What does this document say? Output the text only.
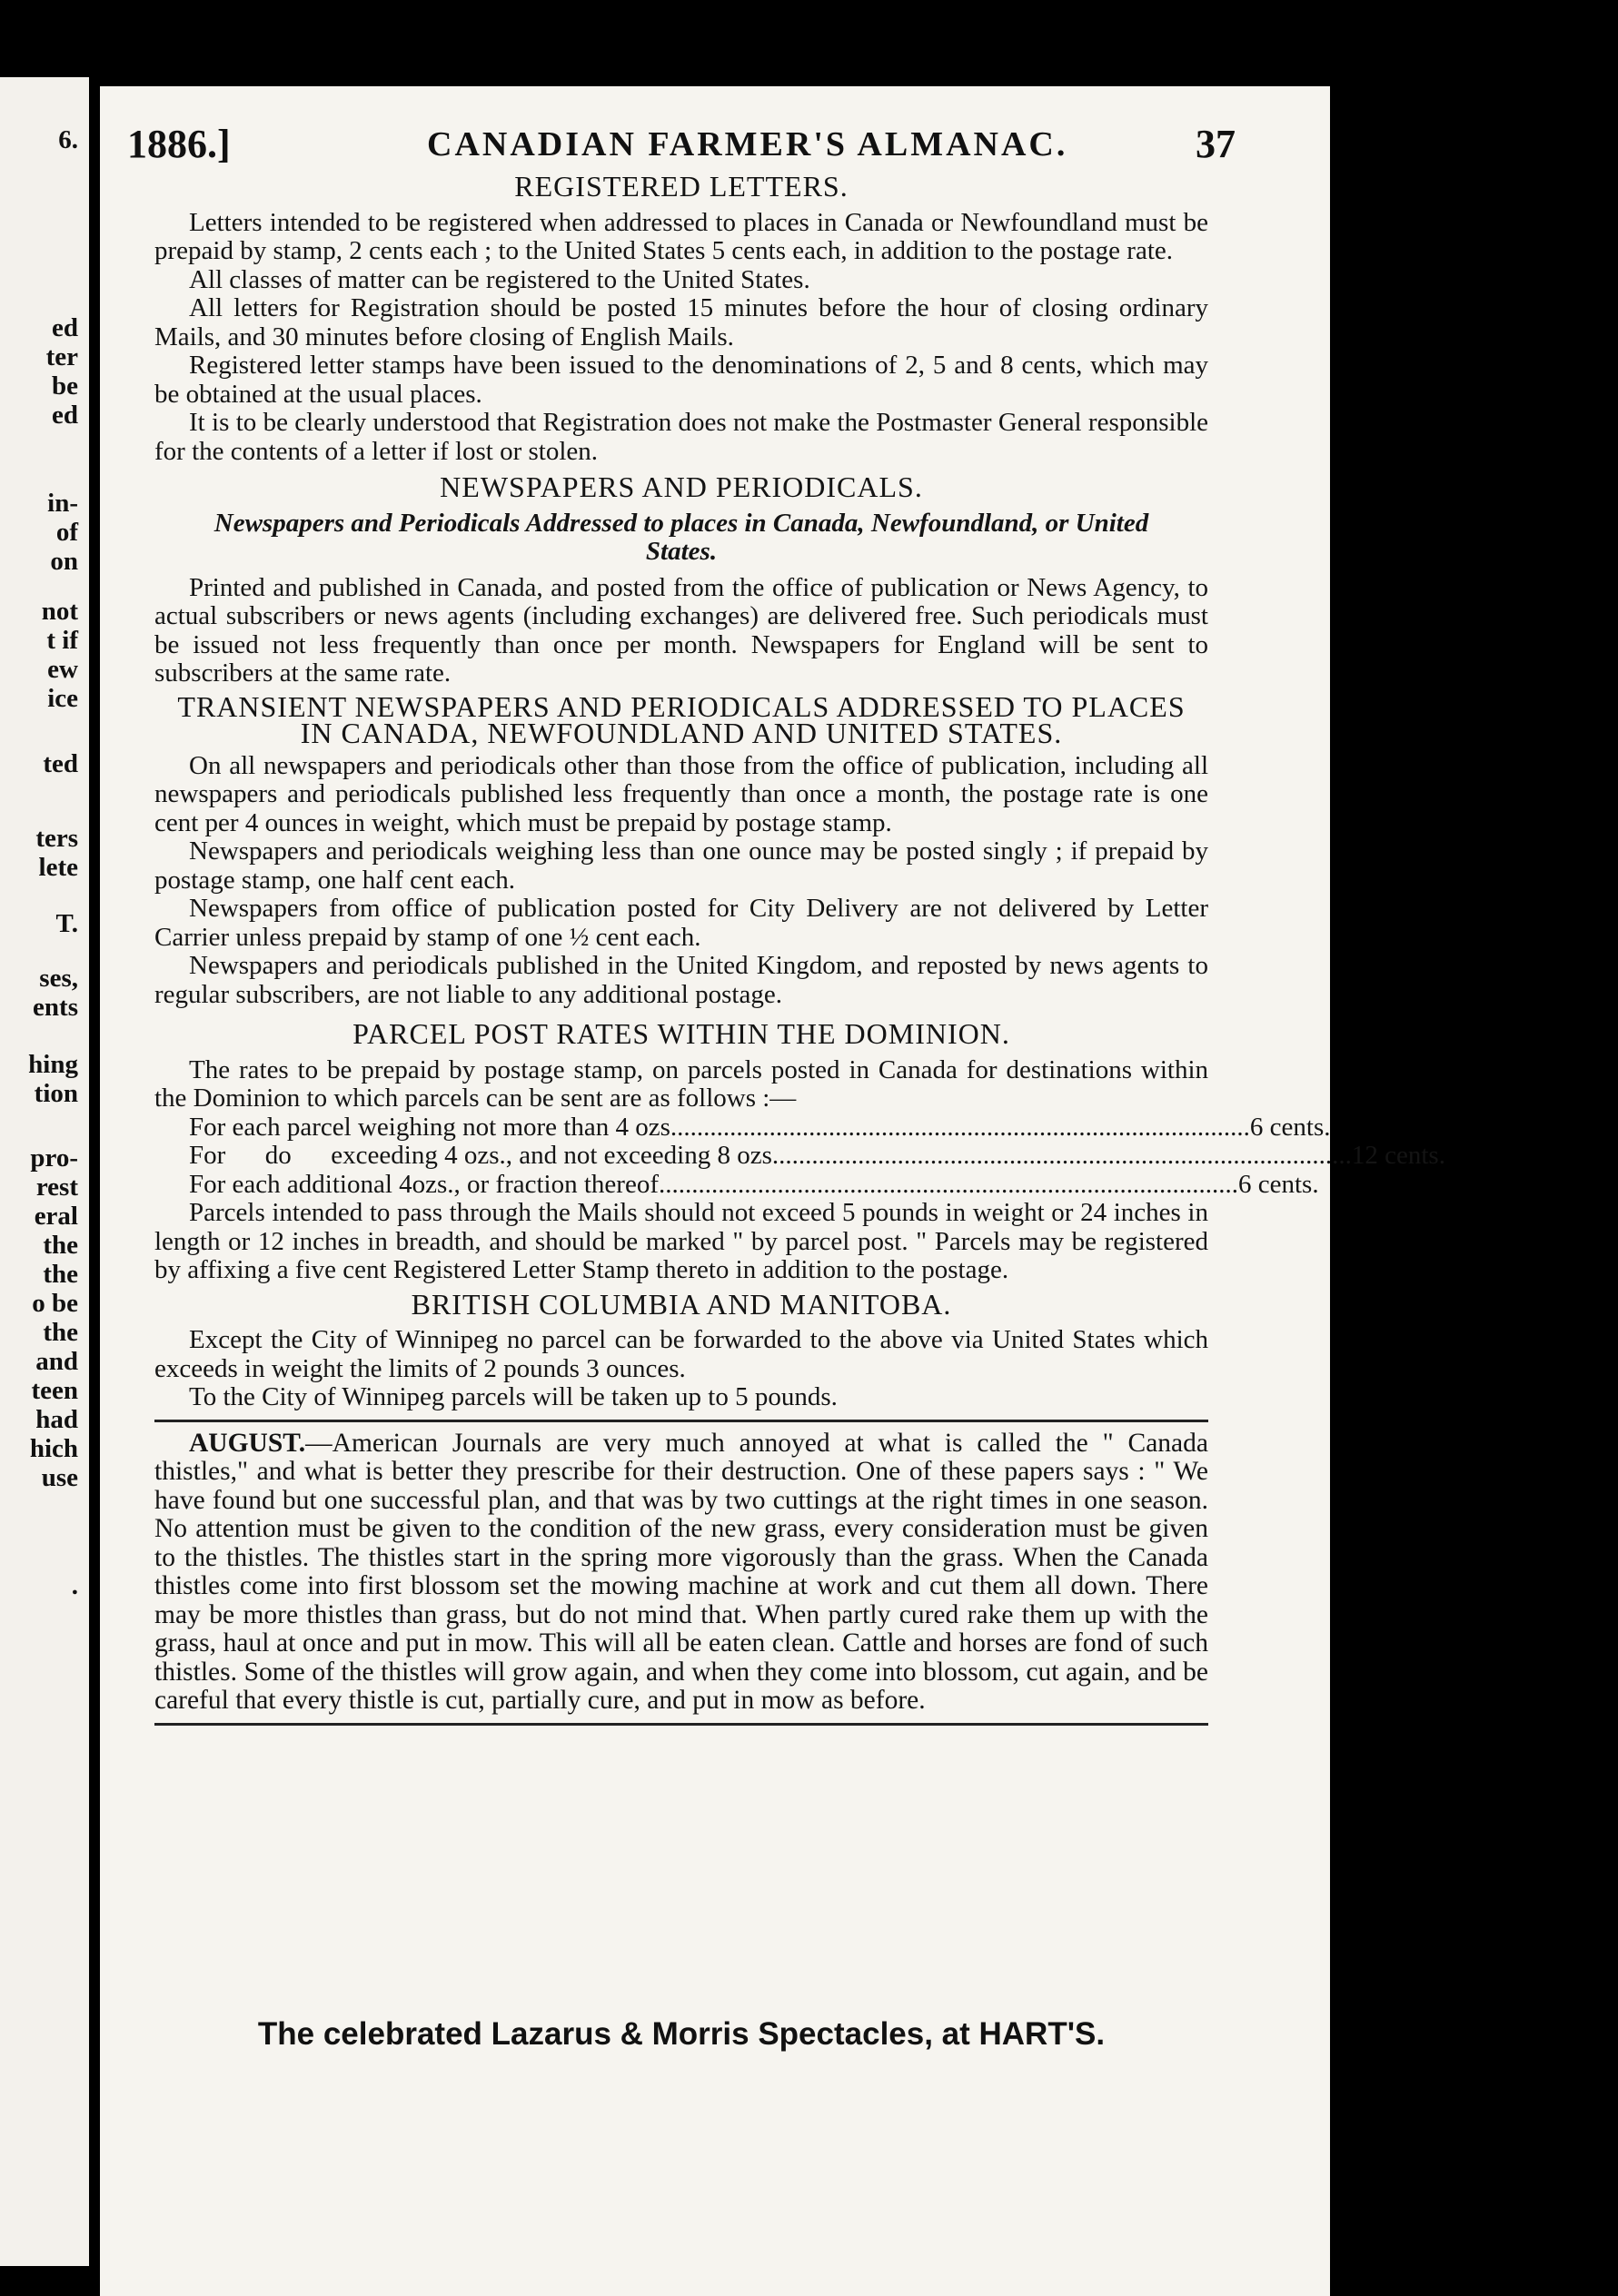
6.
ed
ter
be
ed
in-
of
on
not
t if
ew
ice
ted
ters
lete
T.
ses,
ents
hing
tion
pro-
rest
eral
the
the
o be
the
and
teen
had
hich
use
.
1886.]	CANADIAN FARMER'S ALMANAC.	37
REGISTERED LETTERS.

Letters intended to be registered when addressed to places in Canada or Newfoundland must be prepaid by stamp, 2 cents each ; to the United States 5 cents each, in addition to the postage rate.

All classes of matter can be registered to the United States.

All letters for Registration should be posted 15 minutes before the hour of closing ordinary Mails, and 30 minutes before closing of English Mails.

Registered letter stamps have been issued to the denominations of 2, 5 and 8 cents, which may be obtained at the usual places.

It is to be clearly understood that Registration does not make the Postmaster General responsible for the contents of a letter if lost or stolen.

NEWSPAPERS AND PERIODICALS.
Newspapers and Periodicals Addressed to places in Canada, Newfoundland, or United States.

Printed and published in Canada, and posted from the office of publication or News Agency, to actual subscribers or news agents (including exchanges) are delivered free. Such periodicals must be issued not less frequently than once per month. Newspapers for England will be sent to subscribers at the same rate.

TRANSIENT NEWSPAPERS AND PERIODICALS ADDRESSED TO PLACES
IN CANADA, NEWFOUNDLAND AND UNITED STATES.

On all newspapers and periodicals other than those from the office of publication, including all newspapers and periodicals published less frequently than once a month, the postage rate is one cent per 4 ounces in weight, which must be prepaid by postage stamp.

Newspapers and periodicals weighing less than one ounce may be posted singly ; if prepaid by postage stamp, one half cent each.

Newspapers from office of publication posted for City Delivery are not delivered by Letter Carrier unless prepaid by stamp of one ½ cent each.

Newspapers and periodicals published in the United Kingdom, and reposted by news agents to regular subscribers, are not liable to any additional postage.

PARCEL POST RATES WITHIN THE DOMINION.

The rates to be prepaid by postage stamp, on parcels posted in Canada for destinations within the Dominion to which parcels can be sent are as follows :—

For each parcel weighing not more than 4 ozs ........................................................................................ 6 cents.
For      do      exceeding 4 ozs., and not exceeding 8 ozs ........................................................................................ 12 cents.
For each additional 4ozs., or fraction thereof ........................................................................................ 6 cents.

Parcels intended to pass through the Mails should not exceed 5 pounds in weight or 24 inches in length or 12 inches in breadth, and should be marked " by parcel post. " Parcels may be registered by affixing a five cent Registered Letter Stamp thereto in addition to the postage.

BRITISH COLUMBIA AND MANITOBA.

Except the City of Winnipeg no parcel can be forwarded to the above via United States which exceeds in weight the limits of 2 pounds 3 ounces.

To the City of Winnipeg parcels will be taken up to 5 pounds.

AUGUST.—American Journals are very much annoyed at what is called the " Canada thistles," and what is better they prescribe for their destruction. One of these papers says : " We have found but one successful plan, and that was by two cuttings at the right times in one season. No attention must be given to the condition of the new grass, every consideration must be given to the thistles. The thistles start in the spring more vigorously than the grass. When the Canada thistles come into first blossom set the mowing machine at work and cut them all down. There may be more thistles than grass, but do not mind that. When partly cured rake them up with the grass, haul at once and put in mow. This will all be eaten clean. Cattle and horses are fond of such thistles. Some of the thistles will grow again, and when they come into blossom, cut again, and be careful that every thistle is cut, partially cure, and put in mow as before.

The celebrated Lazarus & Morris Spectacles, at HART'S.
